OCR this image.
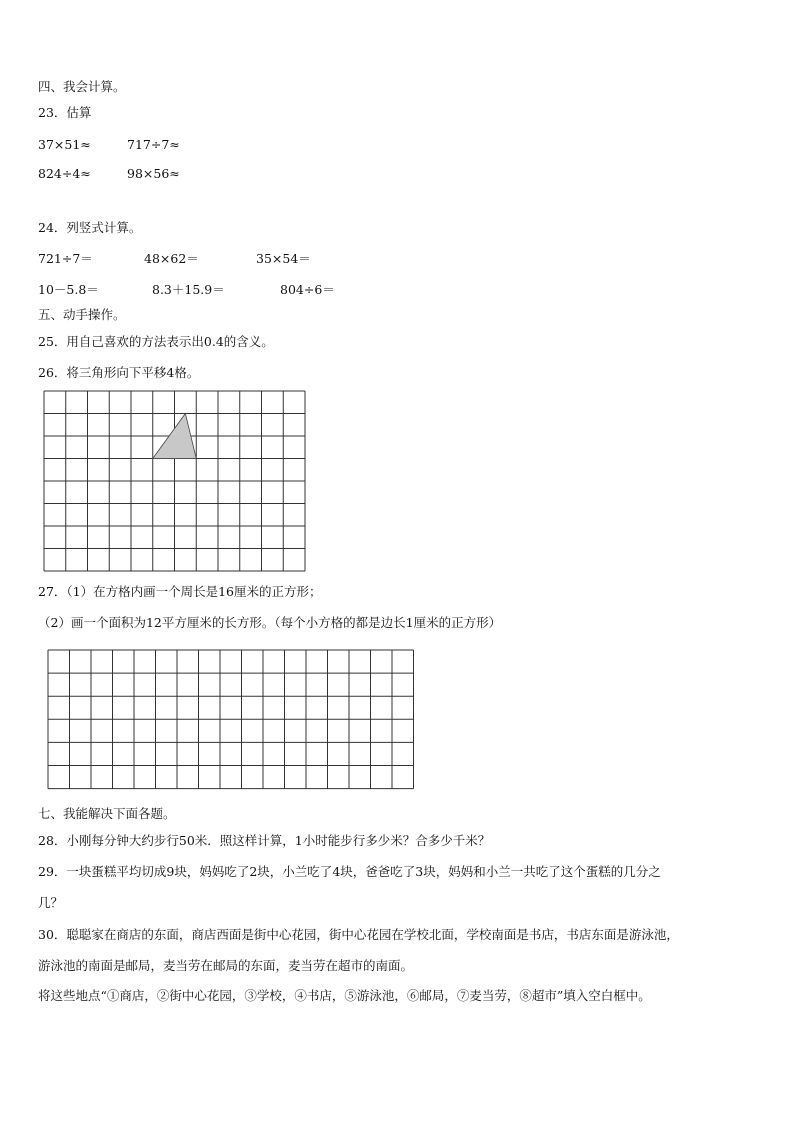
四、我会计算。
23．估算
37×51≈	717÷7≈
824÷4≈	98×56≈
24．列竖式计算。
721÷7＝	48×62＝	35×54＝
10－5.8＝	8.3＋15.9＝	804÷6＝
五、动手操作。
25．用自己喜欢的方法表示出0.4的含义。
26．将三角形向下平移4格。
27．（1）在方格内画一个周长是16厘米的正方形；
（2）画一个面积为12平方厘米的长方形。（每个小方格的都是边长1厘米的正方形）
七、我能解决下面各题。
28．小刚每分钟大约步行50米．照这样计算，1小时能步行多少米？合多少千米？
29．一块蛋糕平均切成9块，妈妈吃了2块，小兰吃了4块，爸爸吃了3块，妈妈和小兰一共吃了这个蛋糕的几分之
几？
30．聪聪家在商店的东面，商店西面是街中心花园，街中心花园在学校北面，学校南面是书店，书店东面是游泳池，
游泳池的南面是邮局，麦当劳在邮局的东面，麦当劳在超市的南面。
将这些地点“①商店，②街中心花园，③学校，④书店，⑤游泳池，⑥邮局，⑦麦当劳，⑧超市”填入空白框中。
